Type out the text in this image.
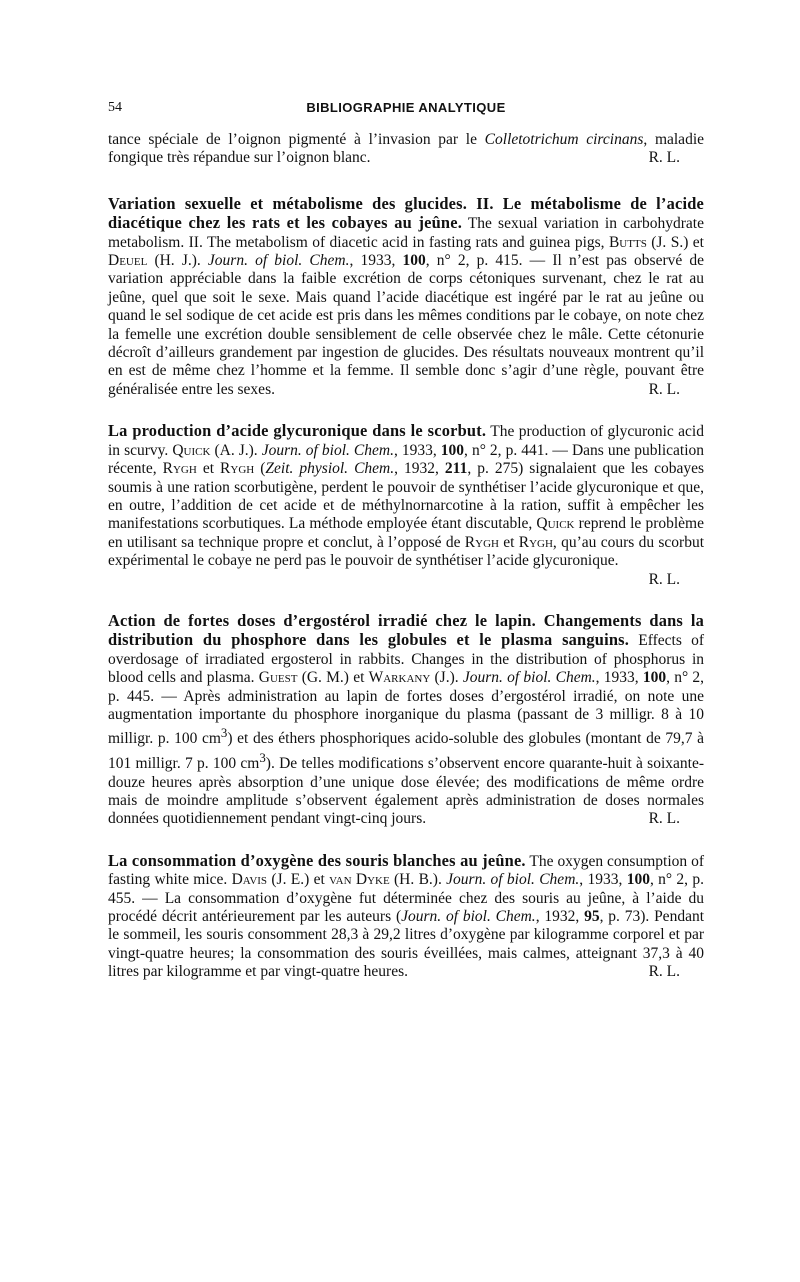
54	BIBLIOGRAPHIE ANALYTIQUE

tance spéciale de l’oignon pigmenté à l’invasion par le Colletotrichum circinans, maladie fongique très répandue sur l’oignon blanc.	R. L.

Variation sexuelle et métabolisme des glucides. II. Le métabolisme de l’acide diacétique chez les rats et les cobayes au jeûne. The sexual variation in carbohydrate metabolism. II. The metabolism of diacetic acid in fasting rats and guinea pigs, Butts (J. S.) et Deuel (H. J.). Journ. of biol. Chem., 1933, 100, n° 2, p. 415. — Il n’est pas observé de variation appréciable dans la faible excrétion de corps cétoniques survenant, chez le rat au jeûne, quel que soit le sexe. Mais quand l’acide diacétique est ingéré par le rat au jeûne ou quand le sel sodique de cet acide est pris dans les mêmes conditions par le cobaye, on note chez la femelle une excrétion double sensiblement de celle observée chez le mâle. Cette cétonurie décroît d’ailleurs grandement par ingestion de glucides. Des résultats nouveaux montrent qu’il en est de même chez l’homme et la femme. Il semble donc s’agir d’une règle, pouvant être généralisée entre les sexes.	R. L.

La production d’acide glycuronique dans le scorbut. The production of glycuronic acid in scurvy. Quick (A. J.). Journ. of biol. Chem., 1933, 100, n° 2, p. 441. — Dans une publication récente, Rygh et Rygh (Zeit. physiol. Chem., 1932, 211, p. 275) signalaient que les cobayes soumis à une ration scorbutigène, perdent le pouvoir de synthétiser l’acide glycuronique et que, en outre, l’addition de cet acide et de méthylnornarcotine à la ration, suffit à empêcher les manifestations scorbutiques. La méthode employée étant discutable, Quick reprend le problème en utilisant sa technique propre et conclut, à l’opposé de Rygh et Rygh, qu’au cours du scorbut expérimental le cobaye ne perd pas le pouvoir de synthétiser l’acide glycuronique.

R. L.

Action de fortes doses d’ergostérol irradié chez le lapin. Changements dans la distribution du phosphore dans les globules et le plasma sanguins. Effects of overdosage of irradiated ergosterol in rabbits. Changes in the distribution of phosphorus in blood cells and plasma. Guest (G. M.) et Warkany (J.). Journ. of biol. Chem., 1933, 100, n° 2, p. 445. — Après administration au lapin de fortes doses d’ergostérol irradié, on note une augmentation importante du phosphore inorganique du plasma (passant de 3 milligr. 8 à 10 milligr. p. 100 $cm^3$) et des éthers phosphoriques acido-soluble des globules (montant de 79,7 à 101 milligr. 7 p. 100 $cm^3$). De telles modifications s’observent encore quarante-huit à soixante-douze heures après absorption d’une unique dose élevée; des modifications de même ordre mais de moindre amplitude s’observent également après administration de doses normales données quotidiennement pendant vingt-cinq jours.	R. L.

La consommation d’oxygène des souris blanches au jeûne. The oxygen consumption of fasting white mice. Davis (J. E.) et van Dyke (H. B.). Journ. of biol. Chem., 1933, 100, n° 2, p. 455. — La consommation d’oxygène fut déterminée chez des souris au jeûne, à l’aide du procédé décrit antérieurement par les auteurs (Journ. of biol. Chem., 1932, 95, p. 73). Pendant le sommeil, les souris consomment 28,3 à 29,2 litres d’oxygène par kilogramme corporel et par vingt-quatre heures; la consommation des souris éveillées, mais calmes, atteignant 37,3 à 40 litres par kilogramme et par vingt-quatre heures.	R. L.
